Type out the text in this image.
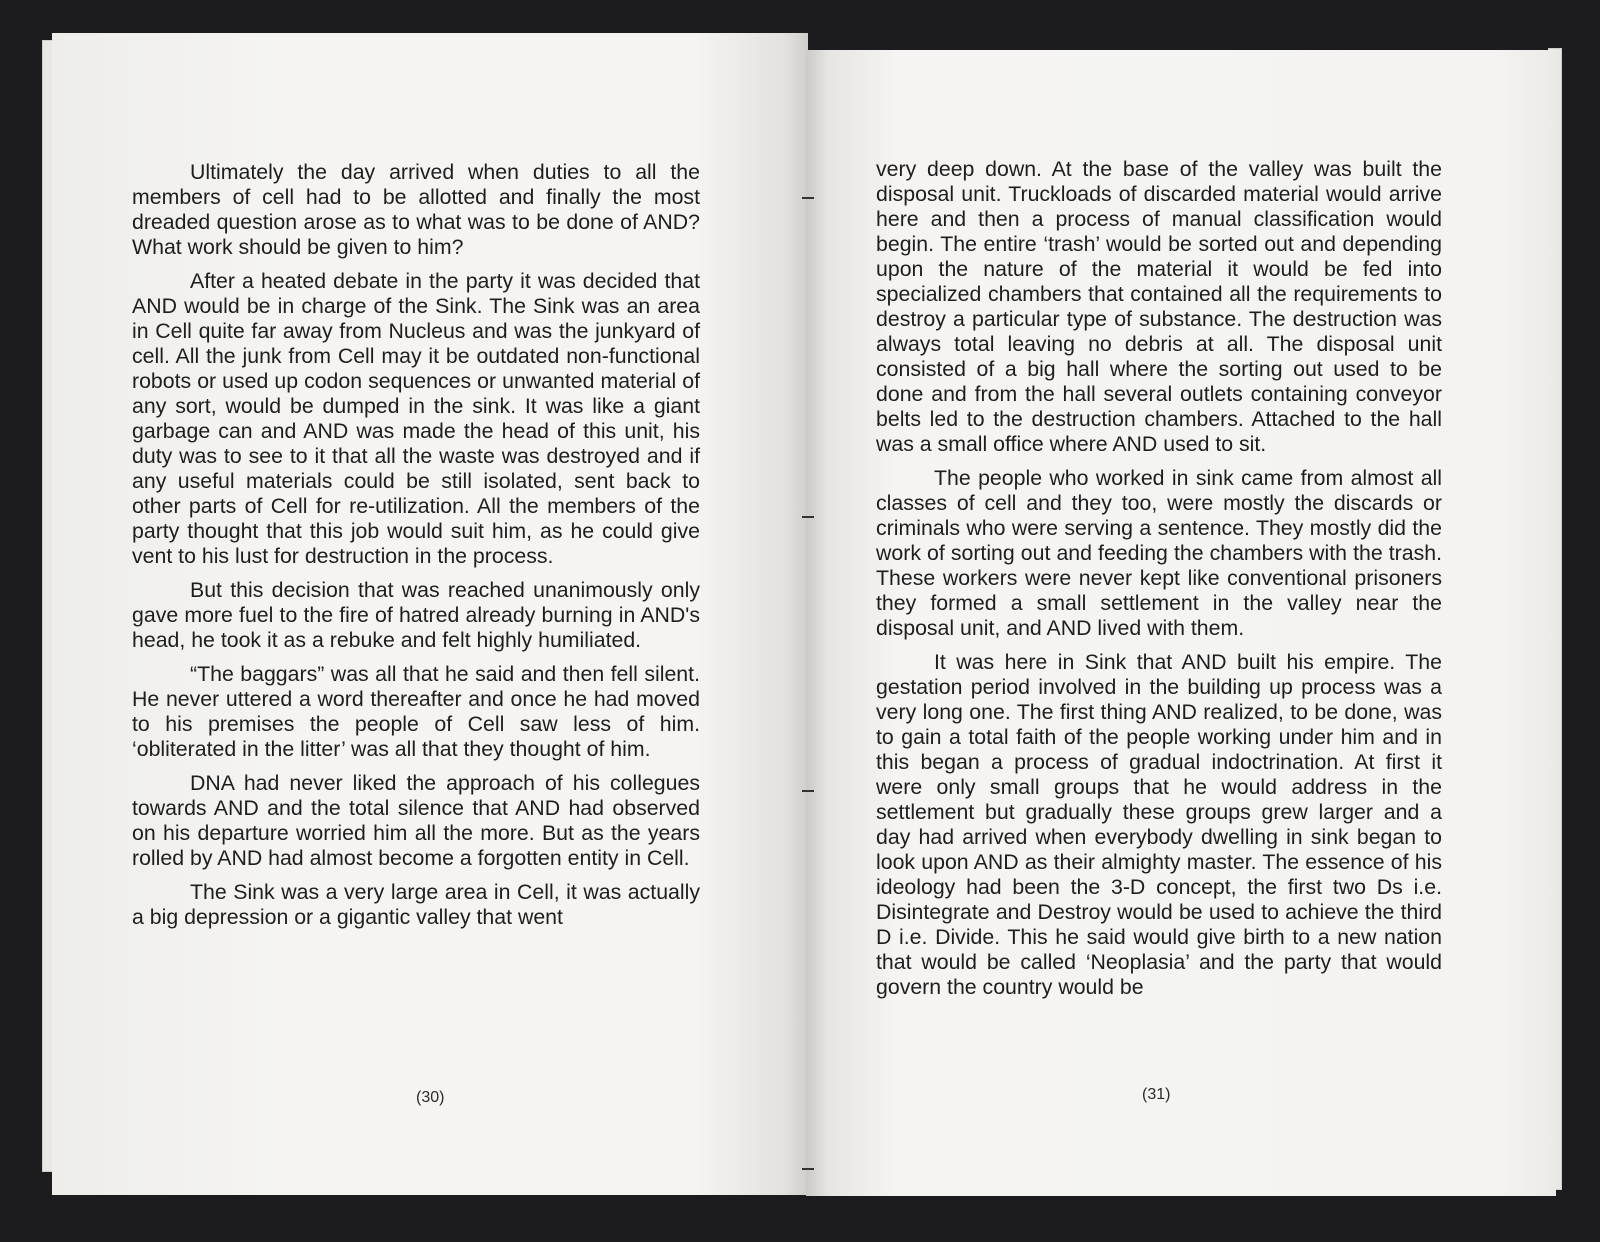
Ultimately the day arrived when duties to all the members of cell had to be allotted and finally the most dreaded question arose as to what was to be done of AND? What work should be given to him?

After a heated debate in the party it was decided that AND would be in charge of the Sink. The Sink was an area in Cell quite far away from Nucleus and was the junkyard of cell. All the junk from Cell may it be outdated non-functional robots or used up codon sequences or unwanted material of any sort, would be dumped in the sink. It was like a giant garbage can and AND was made the head of this unit, his duty was to see to it that all the waste was destroyed and if any useful materials could be still isolated, sent back to other parts of Cell for re-utilization. All the members of the party thought that this job would suit him, as he could give vent to his lust for destruction in the process.

But this decision that was reached unanimously only gave more fuel to the fire of hatred already burning in AND's head, he took it as a rebuke and felt highly humiliated.

“The baggars” was all that he said and then fell silent. He never uttered a word thereafter and once he had moved to his premises the people of Cell saw less of him. ‘obliterated in the litter’ was all that they thought of him.

DNA had never liked the approach of his collegues towards AND and the total silence that AND had observed on his departure worried him all the more. But as the years rolled by AND had almost become a forgotten entity in Cell.

The Sink was a very large area in Cell, it was actually a big depression or a gigantic valley that went

(30)

very deep down. At the base of the valley was built the disposal unit. Truckloads of discarded material would arrive here and then a process of manual classification would begin. The entire ‘trash’ would be sorted out and depending upon the nature of the material it would be fed into specialized chambers that contained all the requirements to destroy a particular type of substance. The destruction was always total leaving no debris at all. The disposal unit consisted of a big hall where the sorting out used to be done and from the hall several outlets containing conveyor belts led to the destruction chambers. Attached to the hall was a small office where AND used to sit.

The people who worked in sink came from almost all classes of cell and they too, were mostly the discards or criminals who were serving a sentence. They mostly did the work of sorting out and feeding the chambers with the trash. These workers were never kept like conventional prisoners they formed a small settlement in the valley near the disposal unit, and AND lived with them.

It was here in Sink that AND built his empire. The gestation period involved in the building up process was a very long one. The first thing AND realized, to be done, was to gain a total faith of the people working under him and in this began a process of gradual indoctrination. At first it were only small groups that he would address in the settlement but gradually these groups grew larger and a day had arrived when everybody dwelling in sink began to look upon AND as their almighty master. The essence of his ideology had been the 3-D concept, the first two Ds i.e. Disintegrate and Destroy would be used to achieve the third D i.e. Divide. This he said would give birth to a new nation that would be called ‘Neoplasia’ and the party that would govern the country would be

(31)
